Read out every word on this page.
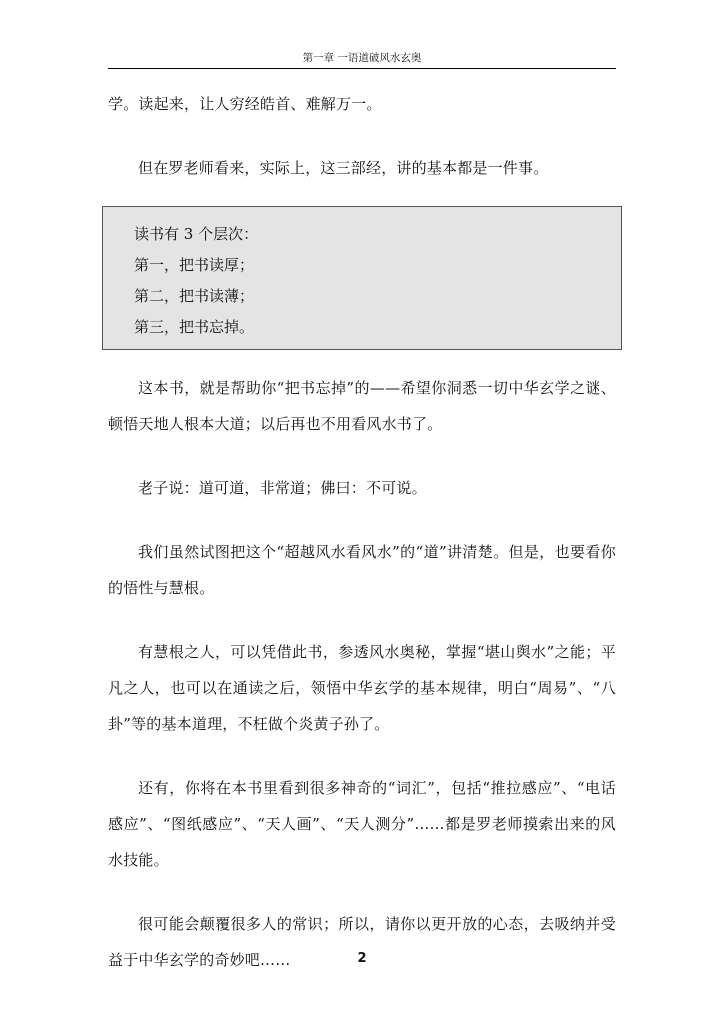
第一章 一语道破风水玄奥

学。读起来，让人穷经皓首、难解万一。

但在罗老师看来，实际上，这三部经，讲的基本都是一件事。

读书有 3 个层次：
第一，把书读厚；
第二，把书读薄；
第三，把书忘掉。

这本书，就是帮助你“把书忘掉”的——希望你洞悉一切中华玄学之谜、顿悟天地人根本大道；以后再也不用看风水书了。

老子说：道可道，非常道；佛曰：不可说。

我们虽然试图把这个“超越风水看风水”的“道”讲清楚。但是，也要看你的悟性与慧根。

有慧根之人，可以凭借此书，参透风水奥秘，掌握“堪山舆水”之能；平凡之人，也可以在通读之后，领悟中华玄学的基本规律，明白“周易”、“八卦”等的基本道理，不枉做个炎黄子孙了。

还有，你将在本书里看到很多神奇的“词汇”，包括“推拉感应”、“电话感应”、“图纸感应”、“天人画”、“天人测分”……都是罗老师摸索出来的风水技能。

很可能会颠覆很多人的常识；所以，请你以更开放的心态，去吸纳并受益于中华玄学的奇妙吧……	2
